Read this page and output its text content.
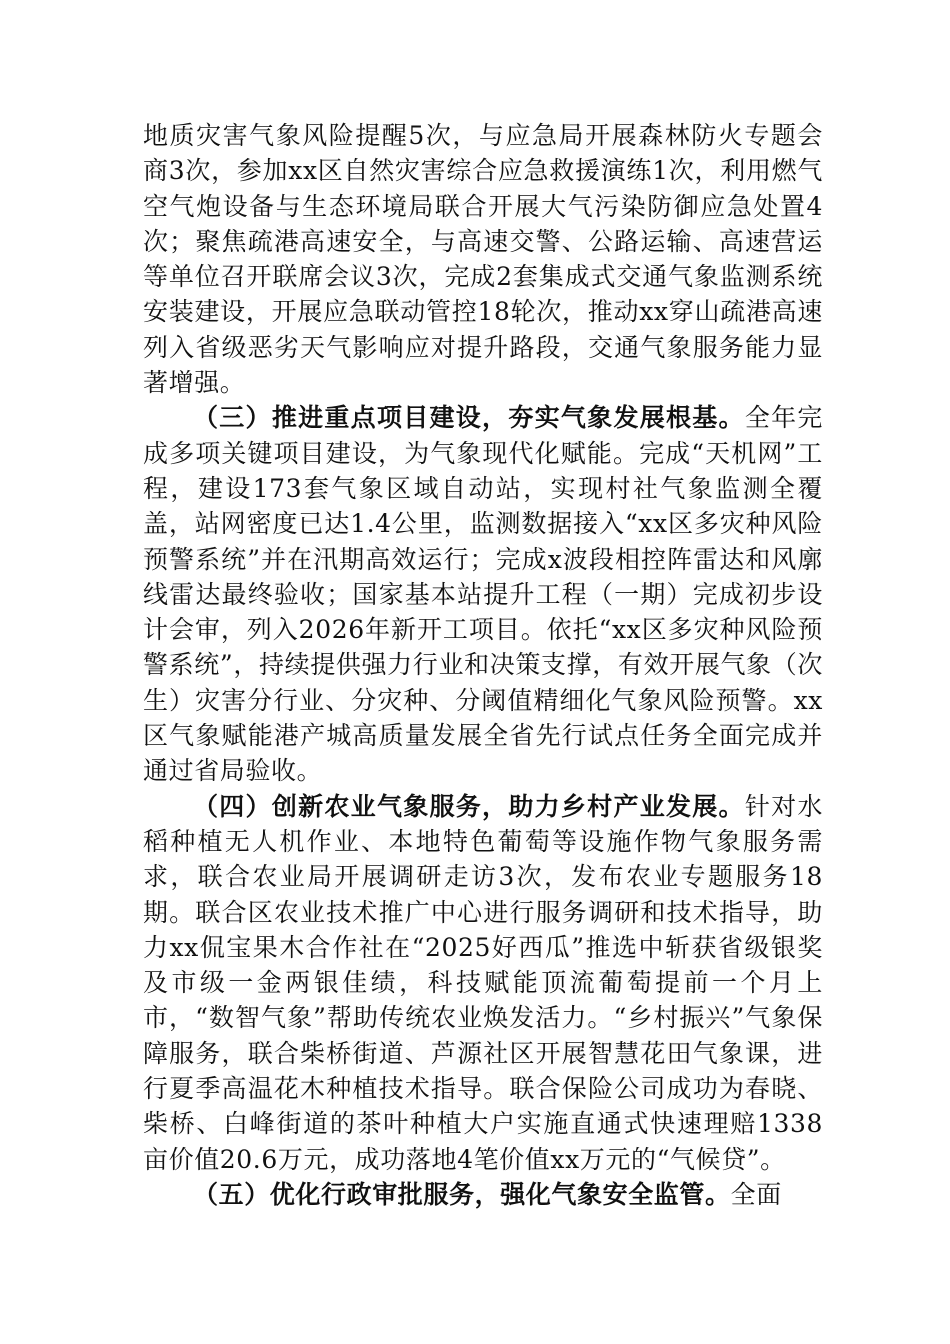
地质灾害气象风险提醒5次，与应急局开展森林防火专题会商3次，参加xx区自然灾害综合应急救援演练1次，利用燃气空气炮设备与生态环境局联合开展大气污染防御应急处置4次；聚焦疏港高速安全，与高速交警、公路运输、高速营运等单位召开联席会议3次，完成2套集成式交通气象监测系统安装建设，开展应急联动管控18轮次，推动xx穿山疏港高速列入省级恶劣天气影响应对提升路段，交通气象服务能力显著增强。

（三）推进重点项目建设，夯实气象发展根基。全年完成多项关键项目建设，为气象现代化赋能。完成“天机网”工程，建设173套气象区域自动站，实现村社气象监测全覆盖，站网密度已达1.4公里，监测数据接入“xx区多灾种风险预警系统”并在汛期高效运行；完成x波段相控阵雷达和风廓线雷达最终验收；国家基本站提升工程（一期）完成初步设计会审，列入2026年新开工项目。依托“xx区多灾种风险预警系统”，持续提供强力行业和决策支撑，有效开展气象（次生）灾害分行业、分灾种、分阈值精细化气象风险预警。xx区气象赋能港产城高质量发展全省先行试点任务全面完成并通过省局验收。

（四）创新农业气象服务，助力乡村产业发展。针对水稻种植无人机作业、本地特色葡萄等设施作物气象服务需求，联合农业局开展调研走访3次，发布农业专题服务18期。联合区农业技术推广中心进行服务调研和技术指导，助力xx侃宝果木合作社在“2025好西瓜”推选中斩获省级银奖及市级一金两银佳绩，科技赋能顶流葡萄提前一个月上市，“数智气象”帮助传统农业焕发活力。“乡村振兴”气象保障服务，联合柴桥街道、芦源社区开展智慧花田气象课，进行夏季高温花木种植技术指导。联合保险公司成功为春晓、柴桥、白峰街道的茶叶种植大户实施直通式快速理赔1338亩价值20.6万元，成功落地4笔价值xx万元的“气候贷”。

（五）优化行政审批服务，强化气象安全监管。全面
